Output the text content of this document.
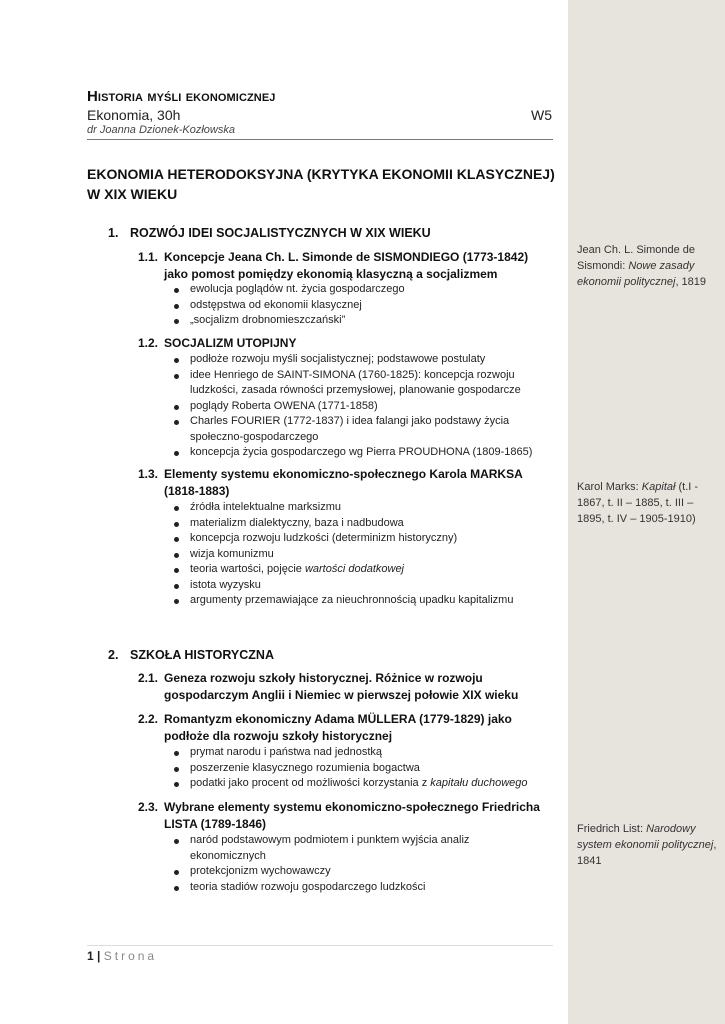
Historia myśli ekonomicznej
Ekonomia, 30h	W5
dr Joanna Dzionek-Kozłowska
EKONOMIA HETERODOKSYJNA (KRYTYKA EKONOMII KLASYCZNEJ) W XIX WIEKU
1. ROZWÓJ IDEI SOCJALISTYCZNYCH W XIX WIEKU
1.1. Koncepcje Jeana Ch. L. Simonde de SISMONDIEGO (1773-1842) jako pomost pomiędzy ekonomią klasyczną a socjalizmem
ewolucja poglądów nt. życia gospodarczego
odstępstwa od ekonomii klasycznej
„socjalizm drobnomieszczański”
1.2. SOCJALIZM UTOPIJNY
podłoże rozwoju myśli socjalistycznej; podstawowe postulaty
idee Henriego de SAINT-SIMONA (1760-1825): koncepcja rozwoju ludzkości, zasada równości przemysłowej, planowanie gospodarcze
poglądy Roberta OWENA (1771-1858)
Charles FOURIER (1772-1837) i idea falangi jako podstawy życia społeczno-gospodarczego
koncepcja życia gospodarczego wg Pierra PROUDHONA (1809-1865)
1.3. Elementy systemu ekonomiczno-społecznego Karola MARKSA (1818-1883)
źródła intelektualne marksizmu
materializm dialektyczny, baza i nadbudowa
koncepcja rozwoju ludzkości (determinizm historyczny)
wizja komunizmu
teoria wartości, pojęcie wartości dodatkowej
istota wyzysku
argumenty przemawiające za nieuchronnością upadku kapitalizmu
2. SZKOŁA HISTORYCZNA
2.1. Geneza rozwoju szkoły historycznej. Różnice w rozwoju gospodarczym Anglii i Niemiec w pierwszej połowie XIX wieku
2.2. Romantyzm ekonomiczny Adama MÜLLERA (1779-1829) jako podłoże dla rozwoju szkoły historycznej
prymat narodu i państwa nad jednostką
poszerzenie klasycznego rozumienia bogactwa
podatki jako procent od możliwości korzystania z kapitału duchowego
2.3. Wybrane elementy systemu ekonomiczno-społecznego Friedricha LISTA (1789-1846)
naród podstawowym podmiotem i punktem wyjścia analiz ekonomicznych
protekcjonizm wychowawczy
teoria stadiów rozwoju gospodarczego ludzkości
1 | Strona
Jean Ch. L. Simonde de Sismondi: Nowe zasady ekonomii politycznej, 1819
Karol Marks: Kapitał (t.I - 1867, t. II – 1885, t. III – 1895, t. IV – 1905-1910)
Friedrich List: Narodowy system ekonomii politycznej, 1841
